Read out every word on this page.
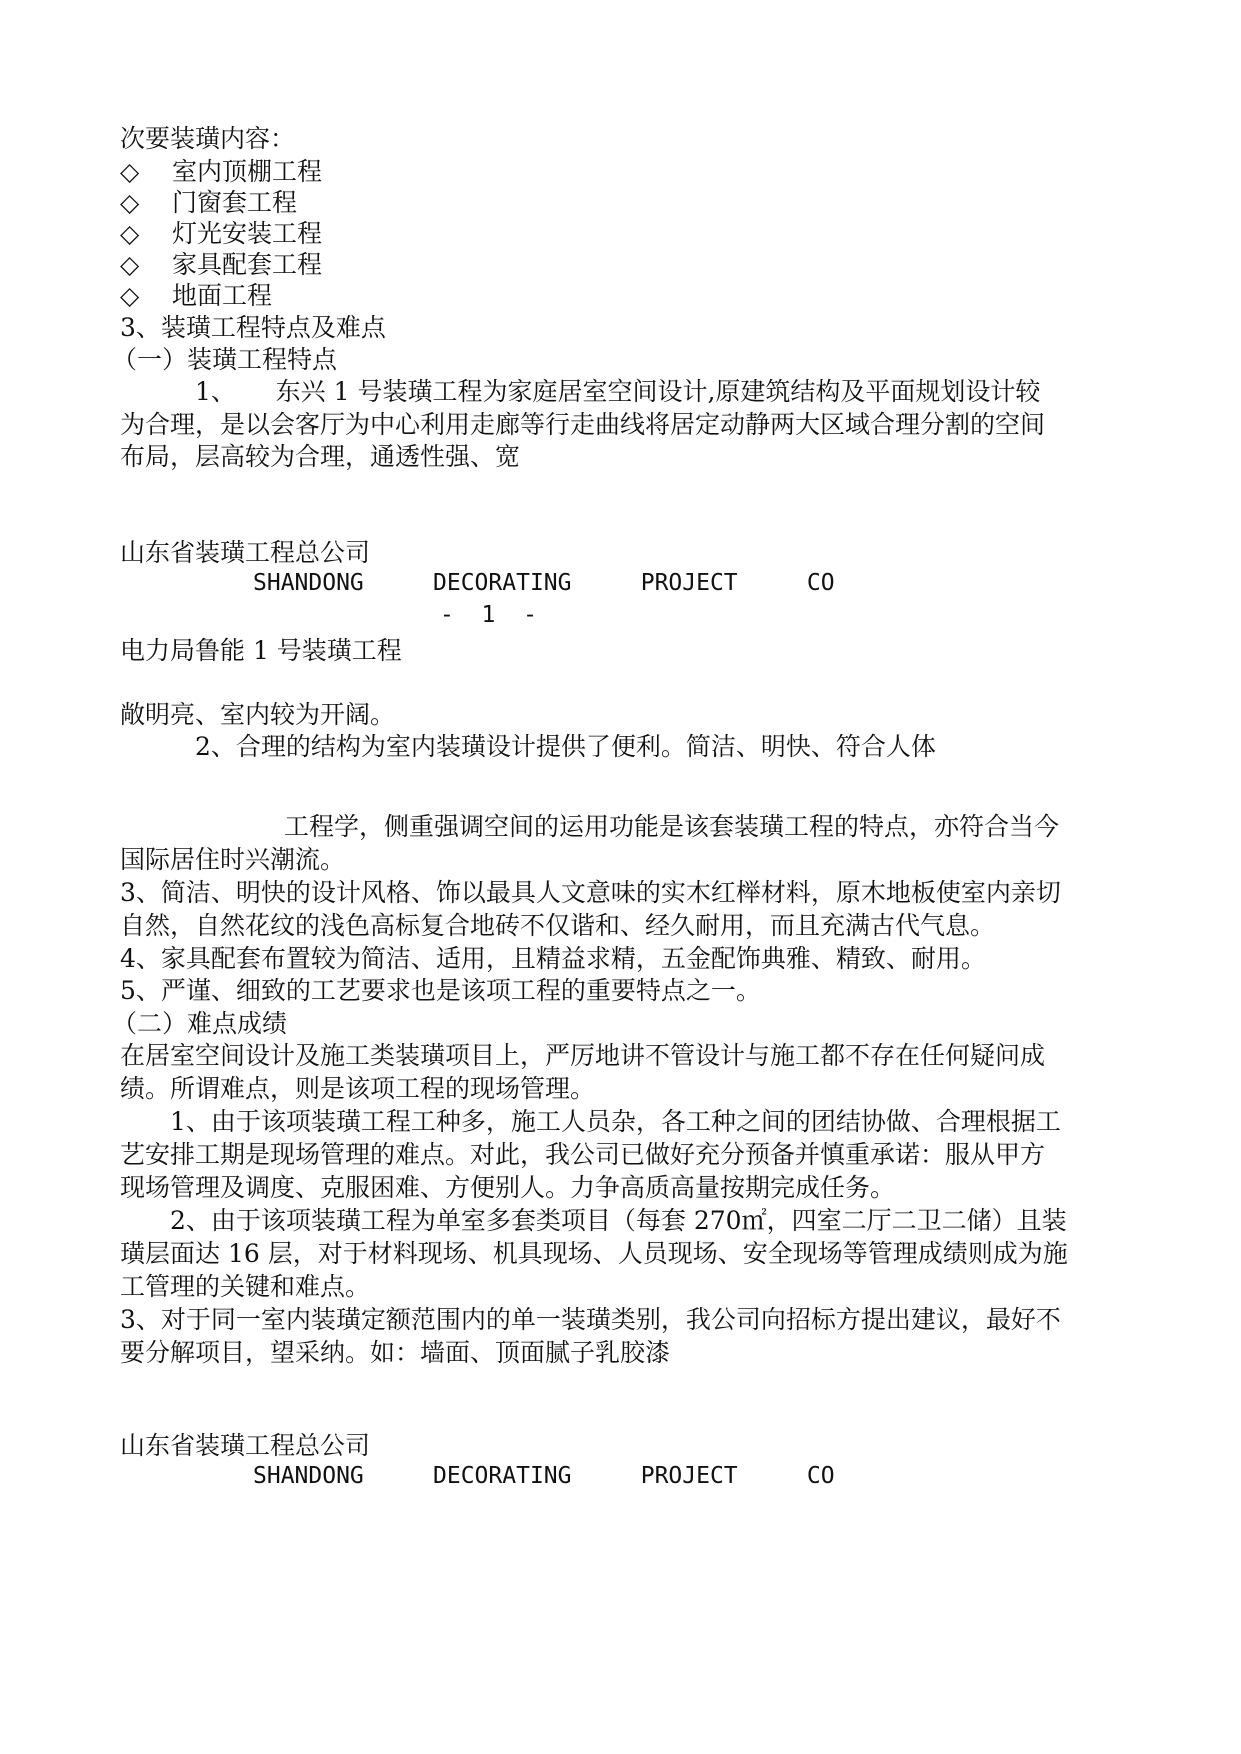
次要装璜内容：
◇ 室内顶棚工程
◇ 门窗套工程
◇ 灯光安装工程
◇ 家具配套工程
◇ 地面工程
3、装璜工程特点及难点
（一）装璜工程特点
1、     东兴 1 号装璜工程为家庭居室空间设计,原建筑结构及平面规划设计较
为合理，是以会客厅为中心利用走廊等行走曲线将居定动静两大区域合理分割的空间
布局，层高较为合理，通透性强、宽
山东省装璜工程总公司
SHANDONG     DECORATING     PROJECT     CO
-  1  -
电力局鲁能 1 号装璜工程
敞明亮、室内较为开阔。
2、合理的结构为室内装璜设计提供了便利。简洁、明快、符合人体
工程学，侧重强调空间的运用功能是该套装璜工程的特点，亦符合当今
国际居住时兴潮流。
3、简洁、明快的设计风格、饰以最具人文意味的实木红榉材料，原木地板使室内亲切
自然，自然花纹的浅色高标复合地砖不仅谐和、经久耐用，而且充满古代气息。
4、家具配套布置较为简洁、适用，且精益求精，五金配饰典雅、精致、耐用。
5、严谨、细致的工艺要求也是该项工程的重要特点之一。
（二）难点成绩
在居室空间设计及施工类装璜项目上，严厉地讲不管设计与施工都不存在任何疑问成
绩。所谓难点，则是该项工程的现场管理。
1、由于该项装璜工程工种多，施工人员杂，各工种之间的团结协做、合理根据工
艺安排工期是现场管理的难点。对此，我公司已做好充分预备并慎重承诺：服从甲方
现场管理及调度、克服困难、方便别人。力争高质高量按期完成任务。
2、由于该项装璜工程为单室多套类项目（每套 270㎡，四室二厅二卫二储）且装
璜层面达 16 层，对于材料现场、机具现场、人员现场、安全现场等管理成绩则成为施
工管理的关键和难点。
3、对于同一室内装璜定额范围内的单一装璜类别，我公司向招标方提出建议，最好不
要分解项目，望采纳。如：墙面、顶面腻子乳胶漆
山东省装璜工程总公司
SHANDONG     DECORATING     PROJECT     CO
